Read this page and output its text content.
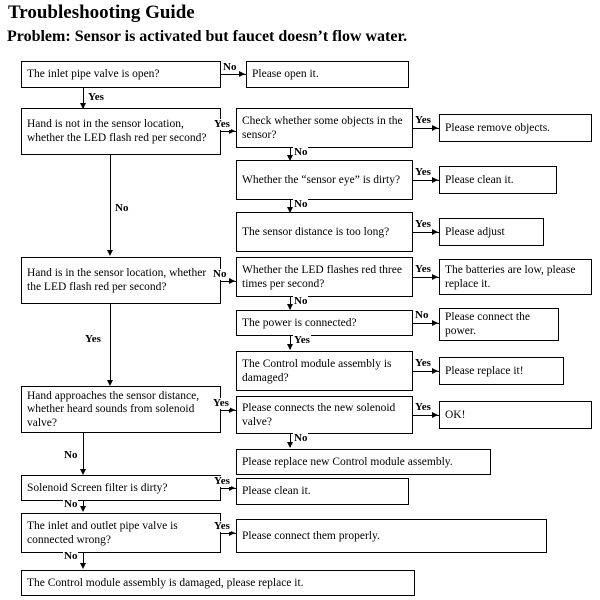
Troubleshooting Guide
Problem: Sensor is activated but faucet doesn’t flow water.
The inlet pipe valve is open?
No
Please open it.
Yes
Hand is not in the sensor location, whether the LED flash red per second?
Yes Check whether some objects in the sensor?
Yes
Please remove objects.
No
Whether the “sensor eye” is dirty?
Yes
Please clean it.
No
The sensor distance is too long?
Yes
Please adjust
No
Hand is in the sensor location, whether the LED flash red per second?
No Whether the LED flashes red three times per second?
Yes The batteries are low, please replace it.
No
The power is connected?
No Please connect the power.
Yes
The Control module assembly is damaged?
Yes
Please replace it!
Yes
Hand approaches the sensor distance, whether heard sounds from solenoid valve?
Yes Please connects the new solenoid valve?
Yes
OK!
No
Please replace new Control module assembly.
No
Solenoid Screen filter is dirty?
Yes
Please clean it.
No
The inlet and outlet pipe valve is connected wrong?
Yes
Please connect them properly.
No
The Control module assembly is damaged, please replace it.
